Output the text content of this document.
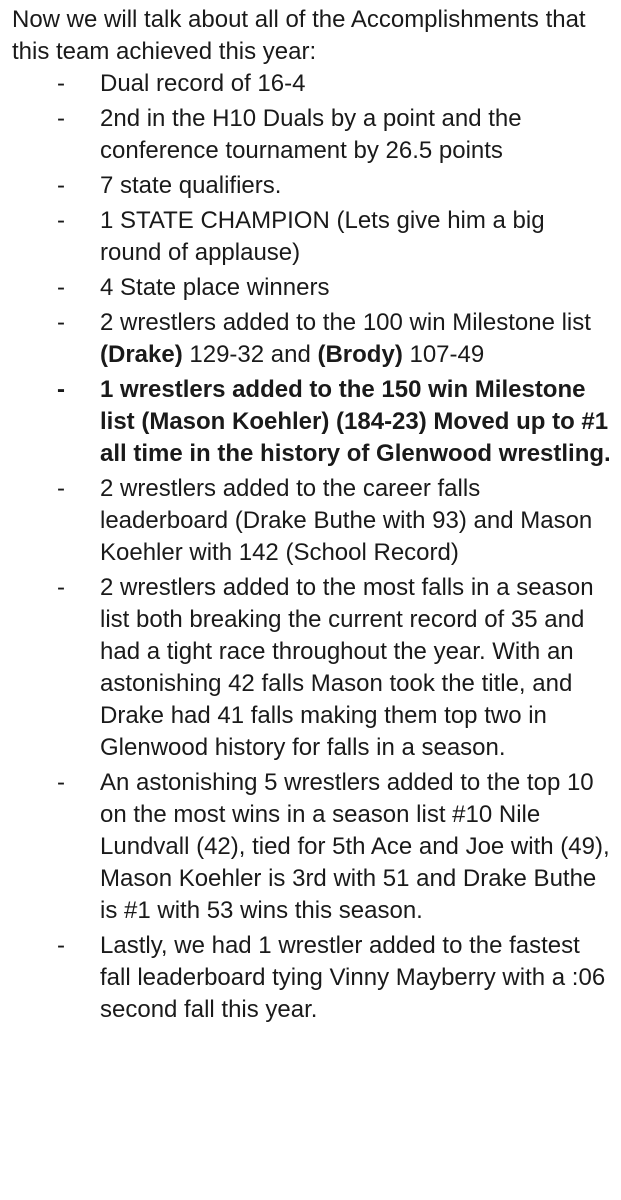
Now we will talk about all of the Accomplishments that this team achieved this year:

- Dual record of 16-4
- 2nd in the H10 Duals by a point and the conference tournament by 26.5 points
- 7 state qualifiers.
- 1 STATE CHAMPION (Lets give him a big round of applause)
- 4 State place winners
- 2 wrestlers added to the 100 win Milestone list (Drake) 129-32 and (Brody) 107-49
- 1 wrestlers added to the 150 win Milestone list (Mason Koehler) (184-23) Moved up to #1 all time in the history of Glenwood wrestling.
- 2 wrestlers added to the career falls leaderboard (Drake Buthe with 93) and Mason Koehler with 142 (School Record)
- 2 wrestlers added to the most falls in a season list both breaking the current record of 35 and had a tight race throughout the year. With an astonishing 42 falls Mason took the title, and Drake had 41 falls making them top two in Glenwood history for falls in a season.
- An astonishing 5 wrestlers added to the top 10 on the most wins in a season list #10 Nile Lundvall (42), tied for 5th Ace and Joe with (49), Mason Koehler is 3rd with 51 and Drake Buthe is #1 with 53 wins this season.
- Lastly, we had 1 wrestler added to the fastest fall leaderboard tying Vinny Mayberry with a :06 second fall this year.
